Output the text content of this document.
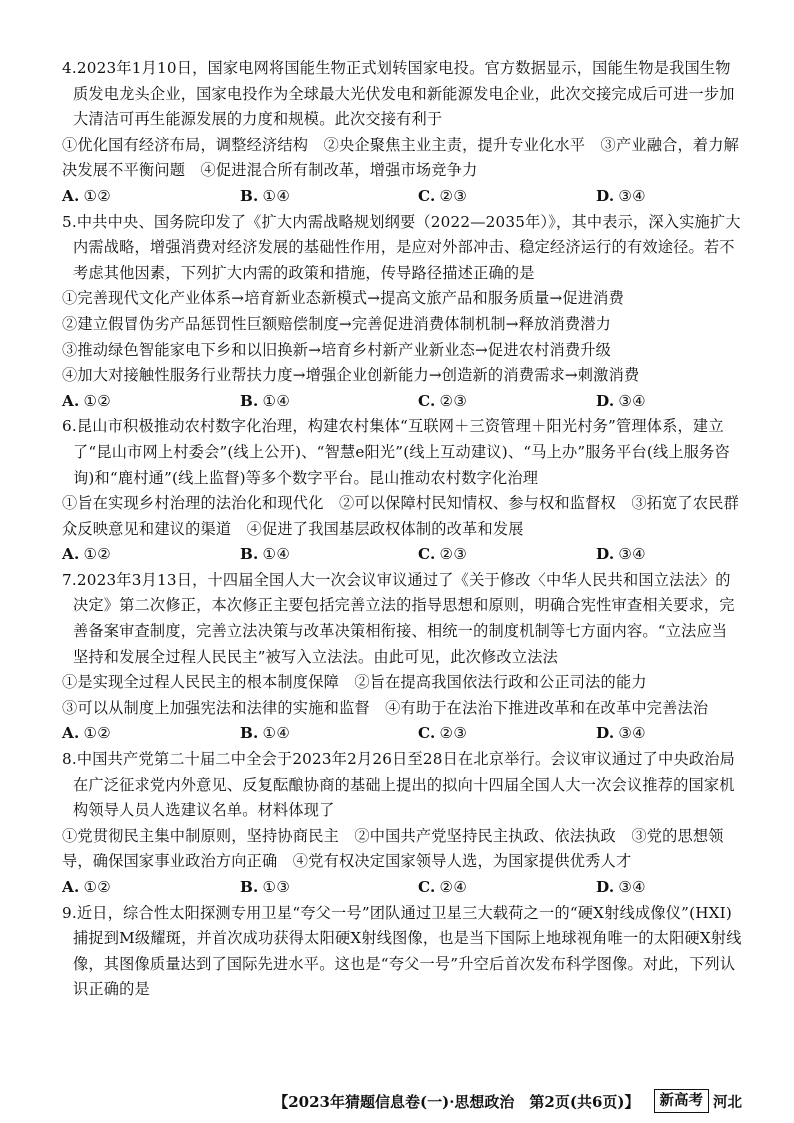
4.2023年1月10日，国家电网将国能生物正式划转国家电投。官方数据显示，国能生物是我国生物质发电龙头企业，国家电投作为全球最大光伏发电和新能源发电企业，此次交接完成后可进一步加大清洁可再生能源发展的力度和规模。此次交接有利于

①优化国有经济布局，调整经济结构　②央企聚焦主业主责，提升专业化水平　③产业融合，着力解决发展不平衡问题　④促进混合所有制改革，增强市场竞争力

A. ①②	B. ①④	C. ②③	D. ③④

5.中共中央、国务院印发了《扩大内需战略规划纲要（2022—2035年）》，其中表示，深入实施扩大内需战略，增强消费对经济发展的基础性作用，是应对外部冲击、稳定经济运行的有效途径。若不考虑其他因素，下列扩大内需的政策和措施，传导路径描述正确的是

①完善现代文化产业体系→培育新业态新模式→提高文旅产品和服务质量→促进消费

②建立假冒伪劣产品惩罚性巨额赔偿制度→完善促进消费体制机制→释放消费潜力

③推动绿色智能家电下乡和以旧换新→培育乡村新产业新业态→促进农村消费升级

④加大对接触性服务行业帮扶力度→增强企业创新能力→创造新的消费需求→刺激消费

A. ①②	B. ①④	C. ②③	D. ③④

6.昆山市积极推动农村数字化治理，构建农村集体“互联网＋三资管理＋阳光村务”管理体系，建立了“昆山市网上村委会”(线上公开)、“智慧e阳光”(线上互动建议)、“马上办”服务平台(线上服务咨询)和“鹿村通”(线上监督)等多个数字平台。昆山推动农村数字化治理

①旨在实现乡村治理的法治化和现代化　②可以保障村民知情权、参与权和监督权　③拓宽了农民群众反映意见和建议的渠道　④促进了我国基层政权体制的改革和发展

A. ①②	B. ①④	C. ②③	D. ③④

7.2023年3月13日，十四届全国人大一次会议审议通过了《关于修改〈中华人民共和国立法法〉的决定》第二次修正，本次修正主要包括完善立法的指导思想和原则，明确合宪性审查相关要求，完善备案审查制度，完善立法决策与改革决策相衔接、相统一的制度机制等七方面内容。“立法应当坚持和发展全过程人民民主”被写入立法法。由此可见，此次修改立法法

①是实现全过程人民民主的根本制度保障　②旨在提高我国依法行政和公正司法的能力

③可以从制度上加强宪法和法律的实施和监督　④有助于在法治下推进改革和在改革中完善法治

A. ①②	B. ①④	C. ②③	D. ③④

8.中国共产党第二十届二中全会于2023年2月26日至28日在北京举行。会议审议通过了中央政治局在广泛征求党内外意见、反复酝酿协商的基础上提出的拟向十四届全国人大一次会议推荐的国家机构领导人员人选建议名单。材料体现了

①党贯彻民主集中制原则，坚持协商民主　②中国共产党坚持民主执政、依法执政　③党的思想领导，确保国家事业政治方向正确　④党有权决定国家领导人选，为国家提供优秀人才

A. ①②	B. ①③	C. ②④	D. ③④

9.近日，综合性太阳探测专用卫星“夸父一号”团队通过卫星三大载荷之一的“硬X射线成像仪”(HXI)捕捉到M级耀斑，并首次成功获得太阳硬X射线图像，也是当下国际上地球视角唯一的太阳硬X射线像，其图像质量达到了国际先进水平。这也是“夸父一号”升空后首次发布科学图像。对此，下列认识正确的是

【2023年猜题信息卷(一)·思想政治　第2页(共6页)】	新高考 河北
